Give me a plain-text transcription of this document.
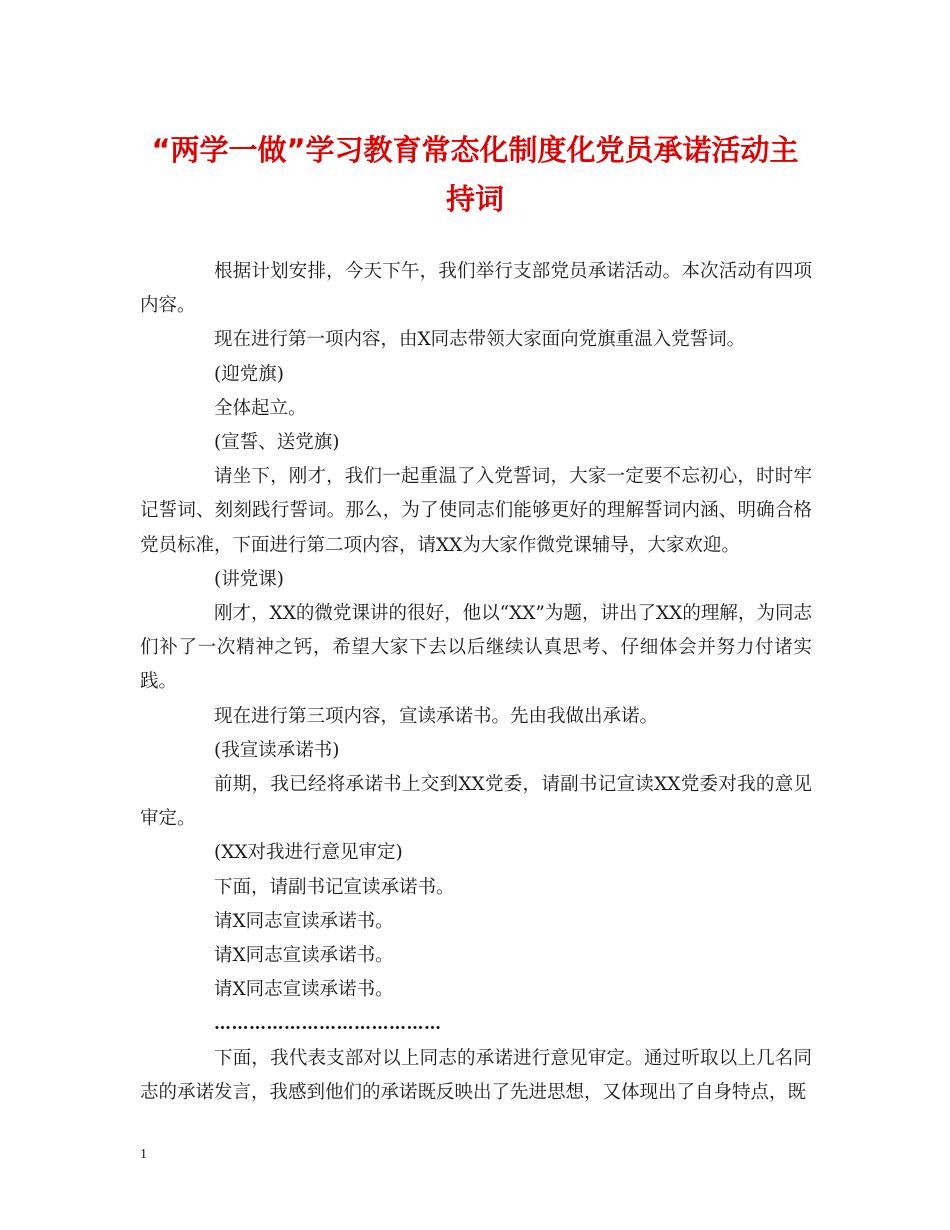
“两学一做”学习教育常态化制度化党员承诺活动主持词

根据计划安排，今天下午，我们举行支部党员承诺活动。本次活动有四项内容。

现在进行第一项内容，由X同志带领大家面向党旗重温入党誓词。

(迎党旗)

全体起立。

(宣誓、送党旗)

请坐下，刚才，我们一起重温了入党誓词，大家一定要不忘初心，时时牢记誓词、刻刻践行誓词。那么，为了使同志们能够更好的理解誓词内涵、明确合格党员标准，下面进行第二项内容，请XX为大家作微党课辅导，大家欢迎。

(讲党课)

刚才，XX的微党课讲的很好，他以“XX”为题，讲出了XX的理解，为同志们补了一次精神之钙，希望大家下去以后继续认真思考、仔细体会并努力付诸实践。

现在进行第三项内容，宣读承诺书。先由我做出承诺。

(我宣读承诺书)

前期，我已经将承诺书上交到XX党委，请副书记宣读XX党委对我的意见审定。

(XX对我进行意见审定)

下面，请副书记宣读承诺书。

请X同志宣读承诺书。

请X同志宣读承诺书。

请X同志宣读承诺书。

…………………………………

下面，我代表支部对以上同志的承诺进行意见审定。通过听取以上几名同志的承诺发言，我感到他们的承诺既反映出了先进思想，又体现出了自身特点，既

1
